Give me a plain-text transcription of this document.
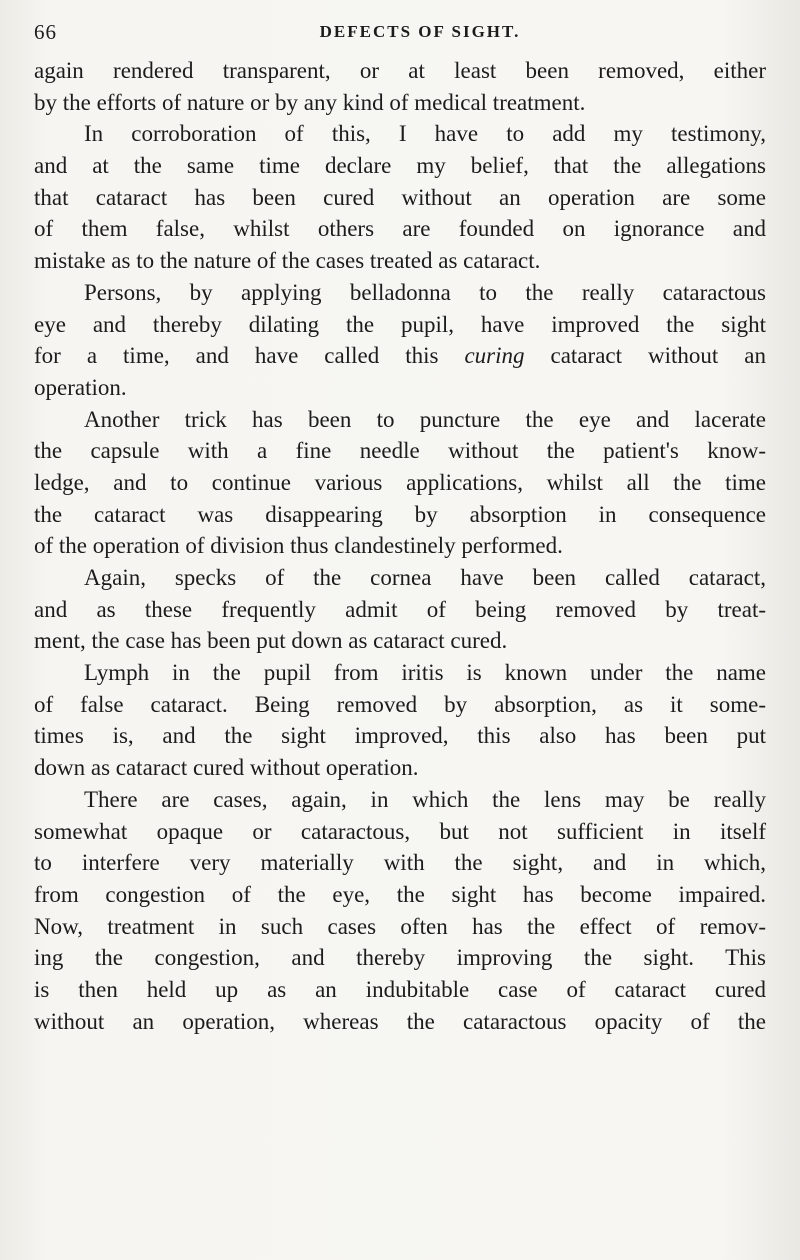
66	DEFECTS OF SIGHT.
again rendered transparent, or at least been removed, either
by the efforts of nature or by any kind of medical treatment.
In corroboration of this, I have to add my testimony,
and at the same time declare my belief, that the allegations
that cataract has been cured without an operation are some
of them false, whilst others are founded on ignorance and
mistake as to the nature of the cases treated as cataract.
Persons, by applying belladonna to the really cataractous
eye and thereby dilating the pupil, have improved the sight
for a time, and have called this curing cataract without an
operation.
Another trick has been to puncture the eye and lacerate
the capsule with a fine needle without the patient's know-
ledge, and to continue various applications, whilst all the time
the cataract was disappearing by absorption in consequence
of the operation of division thus clandestinely performed.
Again, specks of the cornea have been called cataract,
and as these frequently admit of being removed by treat-
ment, the case has been put down as cataract cured.
Lymph in the pupil from iritis is known under the name
of false cataract. Being removed by absorption, as it some-
times is, and the sight improved, this also has been put
down as cataract cured without operation.
There are cases, again, in which the lens may be really
somewhat opaque or cataractous, but not sufficient in itself
to interfere very materially with the sight, and in which,
from congestion of the eye, the sight has become impaired.
Now, treatment in such cases often has the effect of remov-
ing the congestion, and thereby improving the sight. This
is then held up as an indubitable case of cataract cured
without an operation, whereas the cataractous opacity of the
